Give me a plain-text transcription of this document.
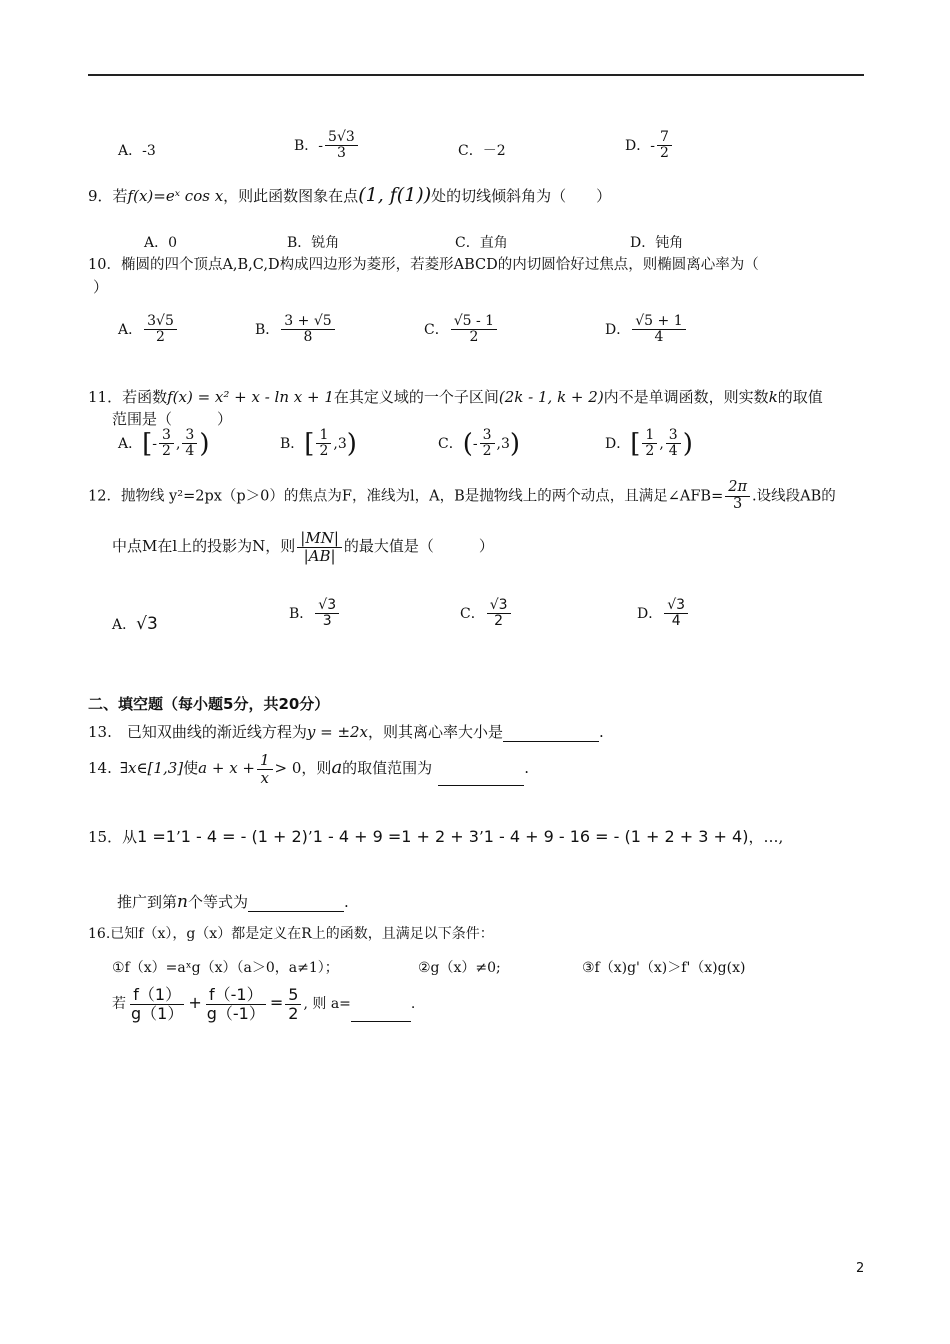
A．-3	B．- $\frac{5√3}{3}$	C．－2	D．- $\frac{7}{2}$
9．若f(x)=eˣ cos x，则此函数图象在点(1, f(1))处的切线倾斜角为（　　）
A．0	B．锐角	C．直角	D．钝角
10．椭圆的四个顶点A,B,C,D构成四边形为菱形，若菱形ABCD的内切圆恰好过焦点，则椭圆离心率为（
）
A． $\frac{3√5}{2}$	B． $\frac{3 + √5}{8}$	C． $\frac{√5 - 1}{2}$	D． $\frac{√5 + 1}{4}$
11．若函数f(x) = x² + x - ln x + 1在其定义域的一个子区间(2k - 1, k + 2)内不是单调函数，则实数k的取值
范围是（　　　）
A．[- $\frac{3}{2}$ , $\frac{3}{4}$ )	B．[ $\frac{1}{2} ,3$)	C．(- $\frac{3}{2} ,3$)	D．[ $\frac{1}{2}$ , $\frac{3}{4}$ )
12．抛物线 y²=2px（p＞0）的焦点为F，准线为l，A，B是抛物线上的两个动点，且满足∠AFB= $\frac{2\pi}{3}$ .设线段AB的
中点M在l上的投影为N，则 $\frac{|MN|}{|AB|}$ 的最大值是（　　　）
A．√3
B． $\frac{√3}{3}$	C． $\frac{√3}{2}$	D． $\frac{√3}{4}$
二、填空题（每小题5分，共20分）
13.　已知双曲线的渐近线方程为y = ±2x，则其离心率大小是	.
14. ∃x∈[1,3]使$a + x + \frac{1}{x} > 0$，则a的取值范围为	.
15．从1 =1’1 - 4 = - (1 + 2)’1 - 4 + 9 =1 + 2 + 3’1 - 4 + 9 - 16 = - (1 + 2 + 3 + 4)，…,
推广到第n个等式为	.
16.已知f（x），g（x）都是定义在R上的函数，且满足以下条件：
①f（x）=aˣg（x）（a＞0，a≠1）；	②g（x）≠0;	③f（x)g'（x)＞f'（x)g(x)
若 $\frac{f(1)}{g(1)} + \frac{f(-1)}{g(-1)} = \frac{5}{2}$ , 则 a=	.
2
